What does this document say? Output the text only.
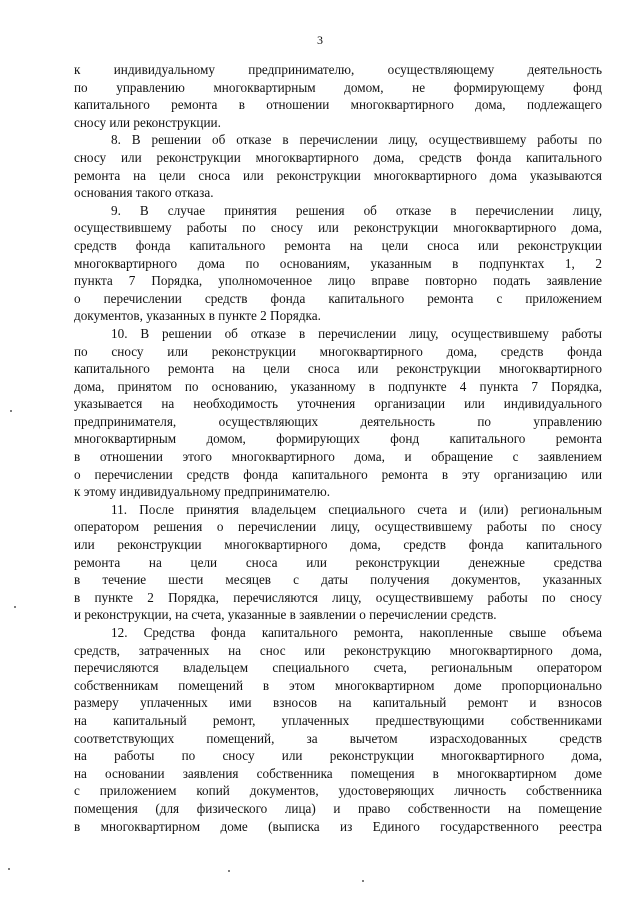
3
к индивидуальному предпринимателю, осуществляющему деятельность
по управлению многоквартирным домом, не формирующему фонд
капитального ремонта в отношении многоквартирного дома, подлежащего
сносу или реконструкции.
8. В решении об отказе в перечислении лицу, осуществившему работы по
сносу или реконструкции многоквартирного дома, средств фонда капитального
ремонта на цели сноса или реконструкции многоквартирного дома указываются
основания такого отказа.
9. В случае принятия решения об отказе в перечислении лицу,
осуществившему работы по сносу или реконструкции многоквартирного дома,
средств фонда капитального ремонта на цели сноса или реконструкции
многоквартирного дома по основаниям, указанным в подпунктах 1, 2
пункта 7 Порядка, уполномоченное лицо вправе повторно подать заявление
о перечислении средств фонда капитального ремонта с приложением
документов, указанных в пункте 2 Порядка.
10. В решении об отказе в перечислении лицу, осуществившему работы
по сносу или реконструкции многоквартирного дома, средств фонда
капитального ремонта на цели сноса или реконструкции многоквартирного
дома, принятом по основанию, указанному в подпункте 4 пункта 7 Порядка,
указывается на необходимость уточнения организации или индивидуального
предпринимателя, осуществляющих деятельность по управлению
многоквартирным домом, формирующих фонд капитального ремонта
в отношении этого многоквартирного дома, и обращение с заявлением
о перечислении средств фонда капитального ремонта в эту организацию или
к этому индивидуальному предпринимателю.
11. После принятия владельцем специального счета и (или) региональным
оператором решения о перечислении лицу, осуществившему работы по сносу
или реконструкции многоквартирного дома, средств фонда капитального
ремонта на цели сноса или реконструкции денежные средства
в течение шести месяцев с даты получения документов, указанных
в пункте 2 Порядка, перечисляются лицу, осуществившему работы по сносу
и реконструкции, на счета, указанные в заявлении о перечислении средств.
12. Средства фонда капитального ремонта, накопленные свыше объема
средств, затраченных на снос или реконструкцию многоквартирного дома,
перечисляются владельцем специального счета, региональным оператором
собственникам помещений в этом многоквартирном доме пропорционально
размеру уплаченных ими взносов на капитальный ремонт и взносов
на капитальный ремонт, уплаченных предшествующими собственниками
соответствующих помещений, за вычетом израсходованных средств
на работы по сносу или реконструкции многоквартирного дома,
на основании заявления собственника помещения в многоквартирном доме
с приложением копий документов, удостоверяющих личность собственника
помещения (для физического лица) и право собственности на помещение
в многоквартирном доме (выписка из Единого государственного реестра
